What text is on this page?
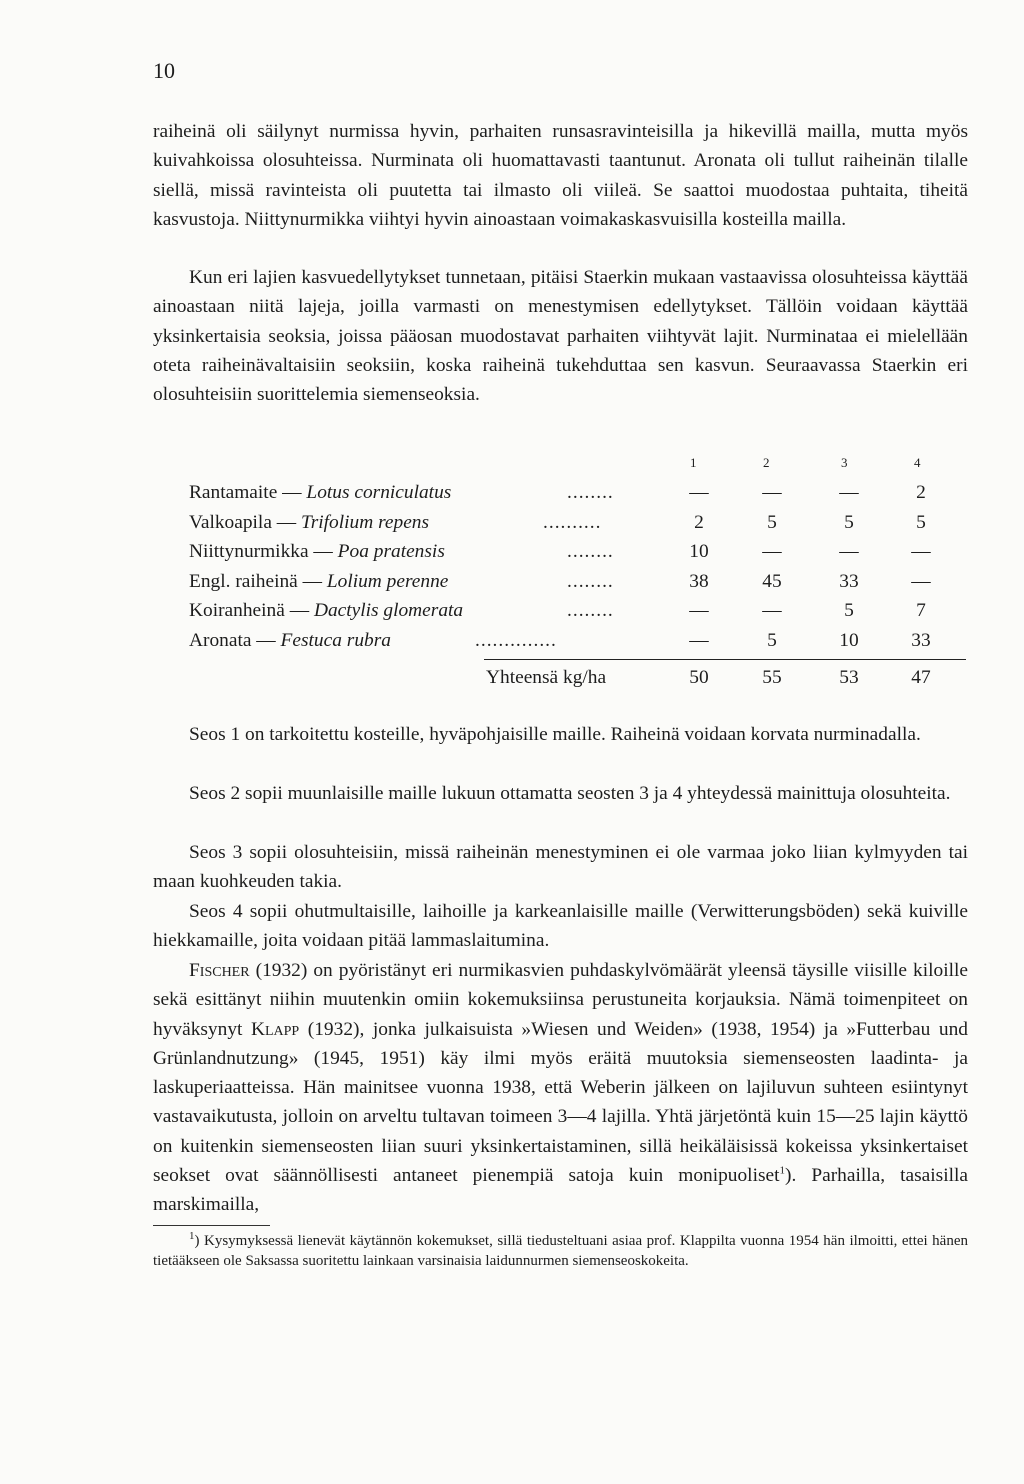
10

raiheinä oli säilynyt nurmissa hyvin, parhaiten runsasravinteisilla ja hikevillä mailla, mutta myös kuivahkoissa olosuhteissa. Nurminata oli huomattavasti taantunut. Aronata oli tullut raiheinän tilalle siellä, missä ravinteista oli puutetta tai ilmasto oli viileä. Se saattoi muodostaa puhtaita, tiheitä kasvustoja. Niittynurmikka viihtyi hyvin ainoastaan voimakaskasvuisilla kosteilla mailla.

Kun eri lajien kasvuedellytykset tunnetaan, pitäisi Staerkin mukaan vastaavissa olosuhteissa käyttää ainoastaan niitä lajeja, joilla varmasti on menestymisen edellytykset. Tällöin voidaan käyttää yksinkertaisia seoksia, joissa pääosan muodostavat parhaiten viihtyvät lajit. Nurminataa ei mielellään oteta raiheinävaltaisiin seoksiin, koska raiheinä tukehduttaa sen kasvun. Seuraavassa Staerkin eri olosuhteisiin suorittelemia siemenseoksia.

1	2	3	4
Rantamaite — Lotus corniculatus	........	—	—	—	2
Valkoapila — Trifolium repens	..........	2	5	5	5
Niittynurmikka — Poa pratensis	........	10	—	—	—
Engl. raiheinä — Lolium perenne	........	38	45	33	—
Koiranheinä — Dactylis glomerata	........	—	—	5	7
Aronata — Festuca rubra	..............	—	5	10	33
Yhteensä kg/ha	50	55	53	47

Seos 1 on tarkoitettu kosteille, hyväpohjaisille maille. Raiheinä voidaan korvata nurminadalla.

Seos 2 sopii muunlaisille maille lukuun ottamatta seosten 3 ja 4 yhteydessä mainittuja olosuhteita.

Seos 3 sopii olosuhteisiin, missä raiheinän menestyminen ei ole varmaa joko liian kylmyyden tai maan kuohkeuden takia.

Seos 4 sopii ohutmultaisille, laihoille ja karkeanlaisille maille (Verwitterungsböden) sekä kuiville hiekkamaille, joita voidaan pitää lammaslaitumina.

Fischer (1932) on pyöristänyt eri nurmikasvien puhdaskylvömäärät yleensä täysille viisille kiloille sekä esittänyt niihin muutenkin omiin kokemuksiinsa perustuneita korjauksia. Nämä toimenpiteet on hyväksynyt Klapp (1932), jonka julkaisuista »Wiesen und Weiden» (1938, 1954) ja »Futterbau und Grünlandnutzung» (1945, 1951) käy ilmi myös eräitä muutoksia siemenseosten laadinta- ja laskuperiaatteissa. Hän mainitsee vuonna 1938, että Weberin jälkeen on lajiluvun suhteen esiintynyt vastavaikutusta, jolloin on arveltu tultavan toimeen 3—4 lajilla. Yhtä järjetöntä kuin 15—25 lajin käyttö on kuitenkin siemenseosten liian suuri yksinkertaistaminen, sillä heikäläisissä kokeissa yksinkertaiset seokset ovat säännöllisesti antaneet pienempiä satoja kuin monipuoliset$^1$). Parhailla, tasaisilla marskimailla,

$^1$) Kysymyksessä lienevät käytännön kokemukset, sillä tiedusteltuani asiaa prof. Klappilta vuonna 1954 hän ilmoitti, ettei hänen tietääkseen ole Saksassa suoritettu lainkaan varsinaisia laidunnurmen siemenseoskokeita.
